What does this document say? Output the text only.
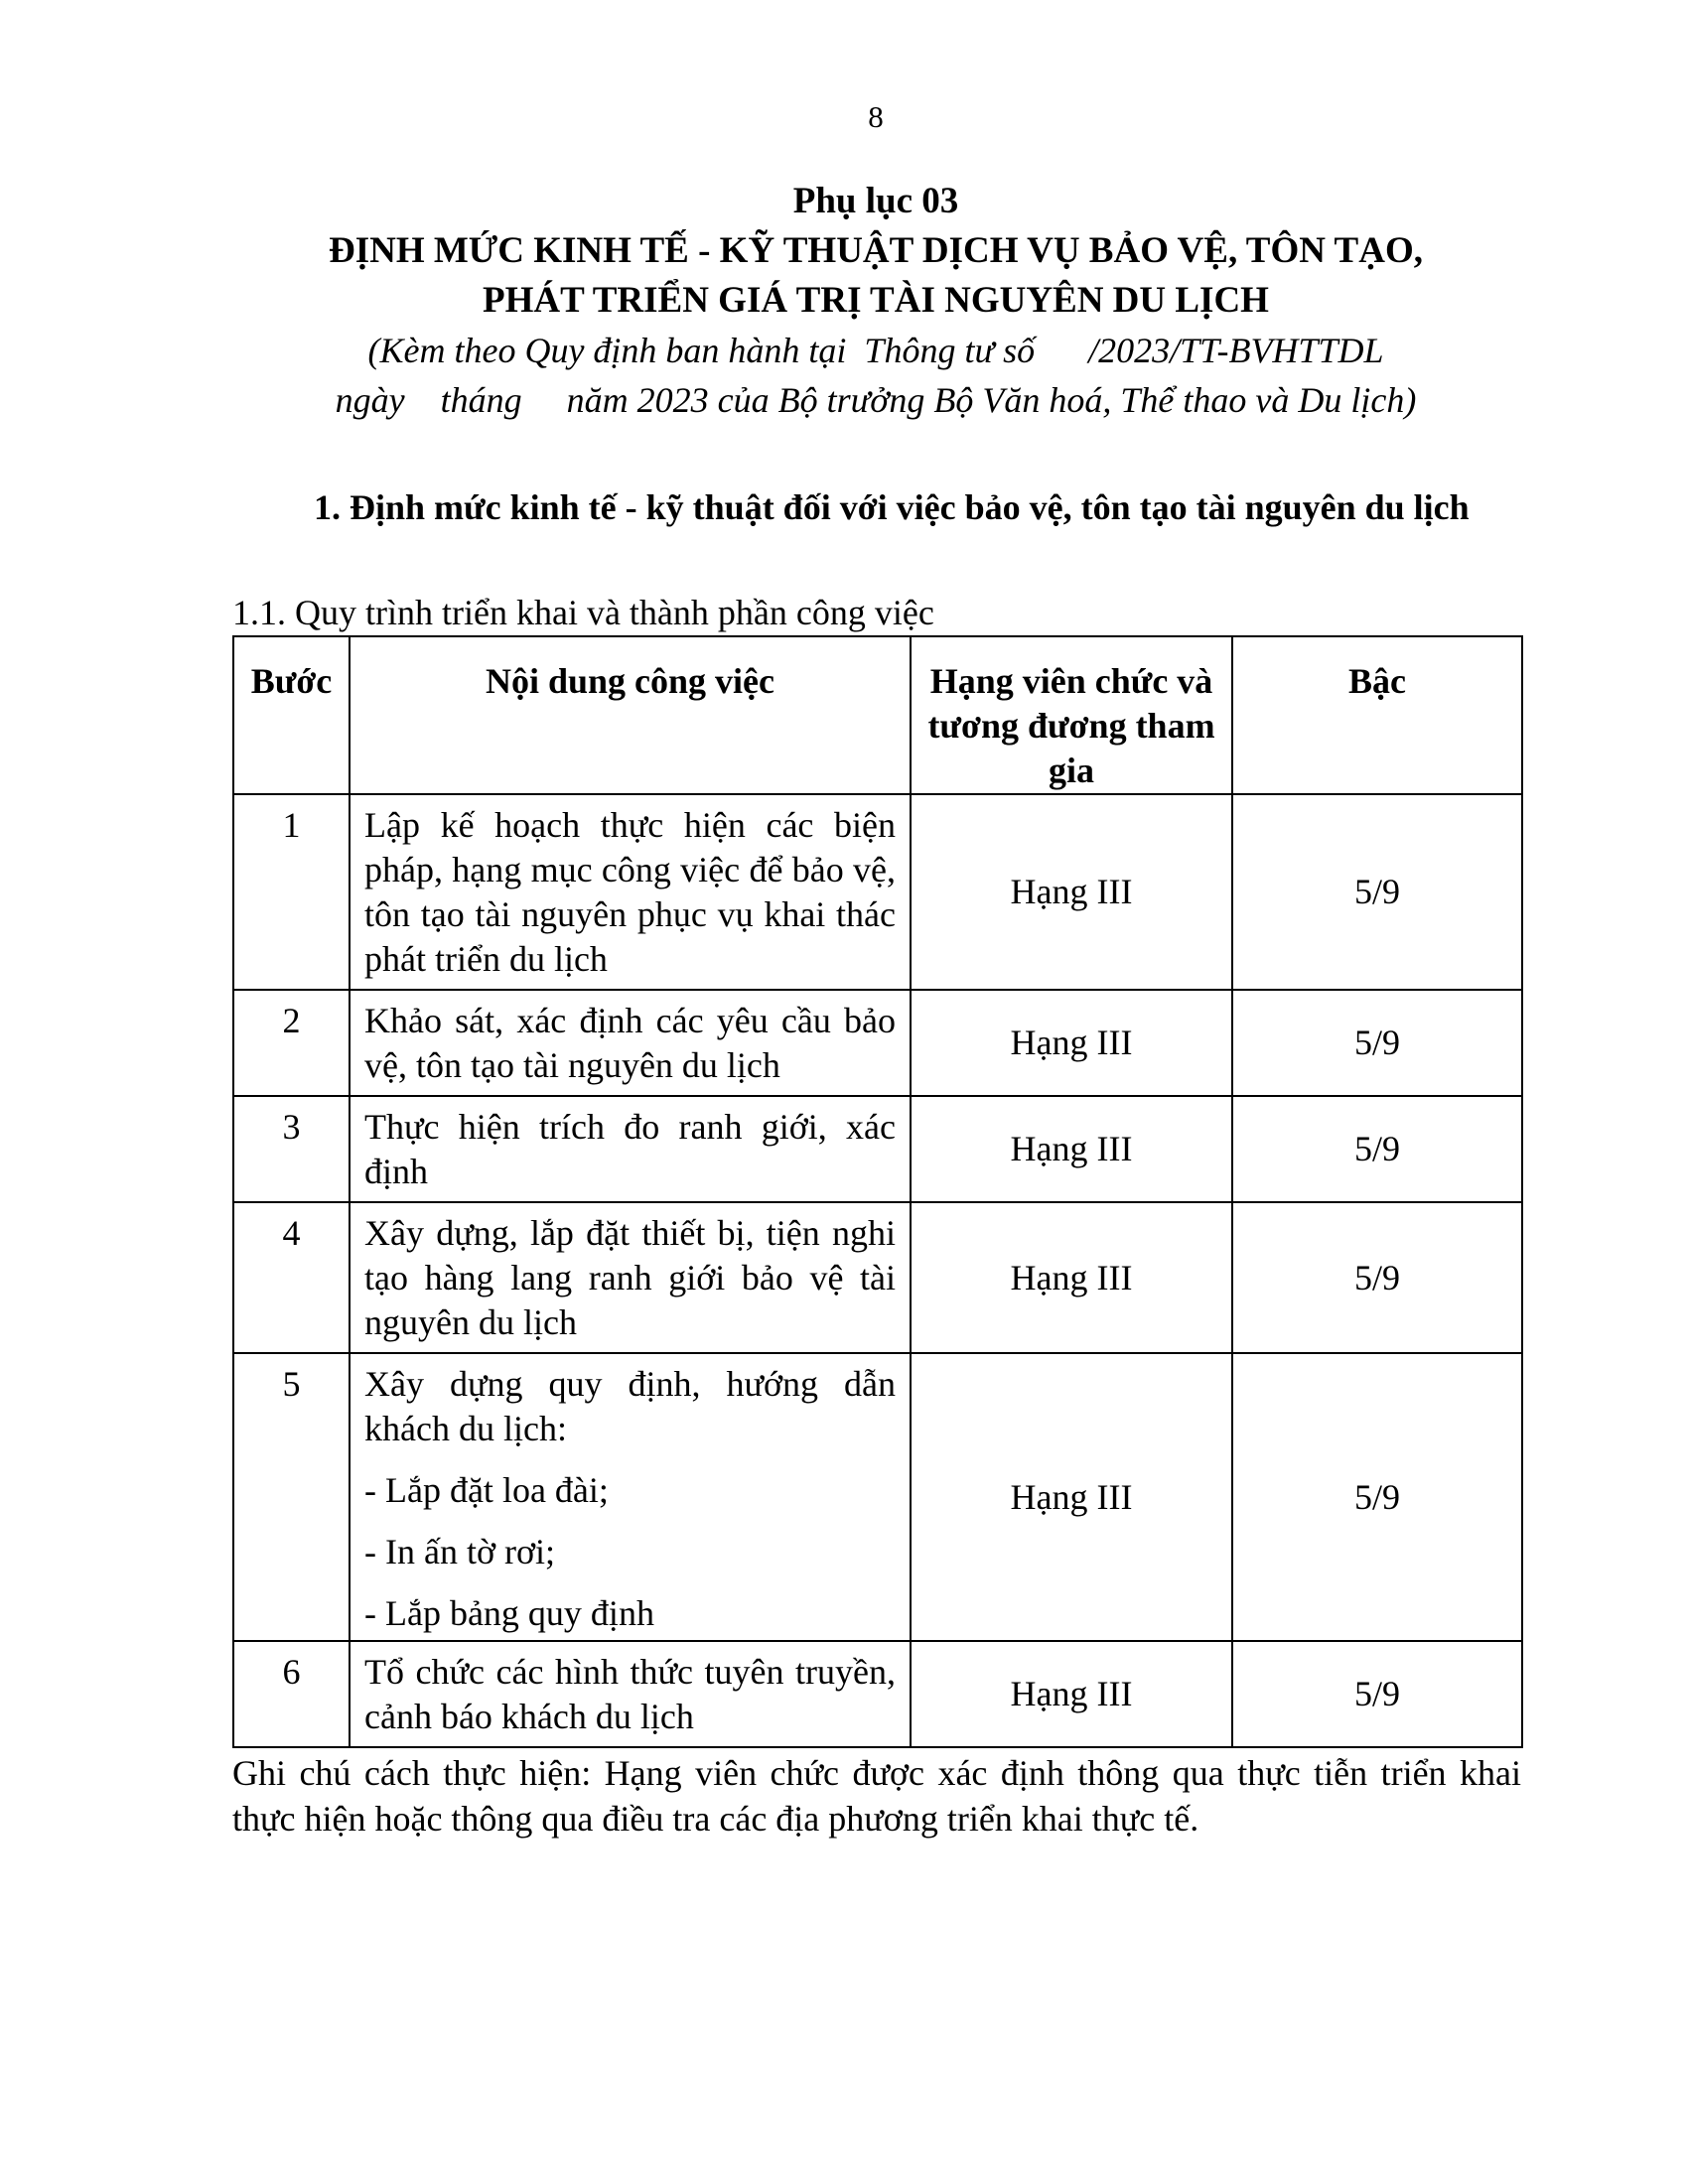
8
Phụ lục 03
ĐỊNH MỨC KINH TẾ - KỸ THUẬT DỊCH VỤ BẢO VỆ, TÔN TẠO,
PHÁT TRIỂN GIÁ TRỊ TÀI NGUYÊN DU LỊCH
(Kèm theo Quy định ban hành tại  Thông tư số      /2023/TT-BVHTTDL
ngày    tháng     năm 2023 của Bộ trưởng Bộ Văn hoá, Thể thao và Du lịch)
1. Định mức kinh tế - kỹ thuật đối với việc bảo vệ, tôn tạo tài nguyên du lịch
1.1. Quy trình triển khai và thành phần công việc
Bước	Nội dung công việc	Hạng viên chức và tương đương tham gia	Bậc
1	Lập kế hoạch thực hiện các biện pháp, hạng mục công việc để bảo vệ, tôn tạo tài nguyên phục vụ khai thác phát triển du lịch	Hạng III	5/9
2	Khảo sát, xác định các yêu cầu bảo vệ, tôn tạo tài nguyên du lịch	Hạng III	5/9
3	Thực hiện trích đo ranh giới, xác định	Hạng III	5/9
4	Xây dựng, lắp đặt thiết bị, tiện nghi tạo hàng lang ranh giới bảo vệ tài nguyên du lịch	Hạng III	5/9
5	Xây dựng quy định, hướng dẫn khách du lịch:
- Lắp đặt loa đài;
- In ấn tờ rơi;
- Lắp bảng quy định	Hạng III	5/9
6	Tổ chức các hình thức tuyên truyền, cảnh báo khách du lịch	Hạng III	5/9
Ghi chú cách thực hiện: Hạng viên chức được xác định thông qua thực tiễn triển khai thực hiện hoặc thông qua điều tra các địa phương triển khai thực tế.
